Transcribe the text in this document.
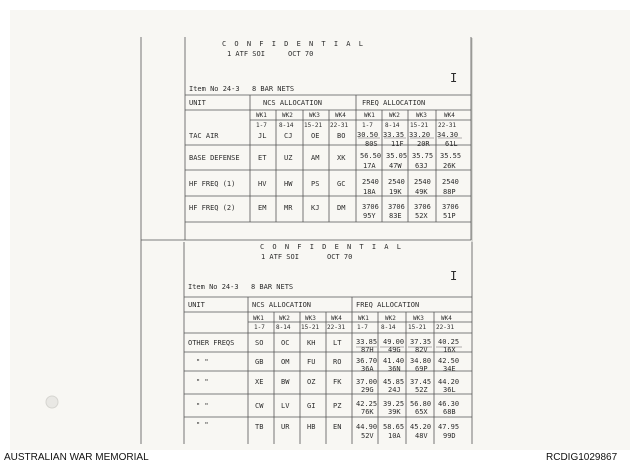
C O N F I D E N T I A L
1 ATF SOI	OCT 70
I
Item No 24-3 8 BAR NETS
UNIT	NCS ALLOCATION	FREQ ALLOCATION
WK1	WK2	WK3	WK4	WK1 WK2	WK3	WK4
1-7 8-14 15-21 22-31 1-7 8-14 15-21 22-31
TAC AIR	JL	CJ	OE	BO 30.50 33.35 33.20 34.30
80S 11F 20R 61L
BASE DEFENSE	ET	UZ	AM	XK 56.50 35.05 35.75 35.55
17A 47W 63J 26K
HF FREQ (1)	HV	HW	PS	GC 2540 2540 2540 2540
18A 19K 49K 88P
HF FREQ (2)	EM	MR	KJ	DM 3706 3706 3706 3706
95Y 83E 52X 51P
C O N F I D E N T I A L
1 ATF SOI	OCT 70
I
Item No 24-3 8 BAR NETS
UNIT	NCS ALLOCATION	FREQ ALLOCATION
WK1	WK2	WK3	WK4	WK1	WK2	WK3	WK4
1-7 8-14 15-21 22-31 1-7 8-14 15-21 22-31
OTHER FREQS	SO	OC	KH	LT 33.85 49.00 37.35 40.25
87H 49G 82V 16X
" "	GB	OM	FU	RO 36.70 41.40 34.80 42.50
36A 36N 69P 34E
" "	XE	BW	OZ	FK 37.00 45.85 37.45 44.20
29G 24J 52Z 36L
" "	CW	LV	GI	PZ 42.25 39.25 56.80 46.30
76K 39K 65X 68B
" "	TB	UR	HB	EN 44.90 58.65 45.20 47.95
52V 10A 48V 99D
AUSTRALIAN WAR MEMORIAL	RCDIG1029867
